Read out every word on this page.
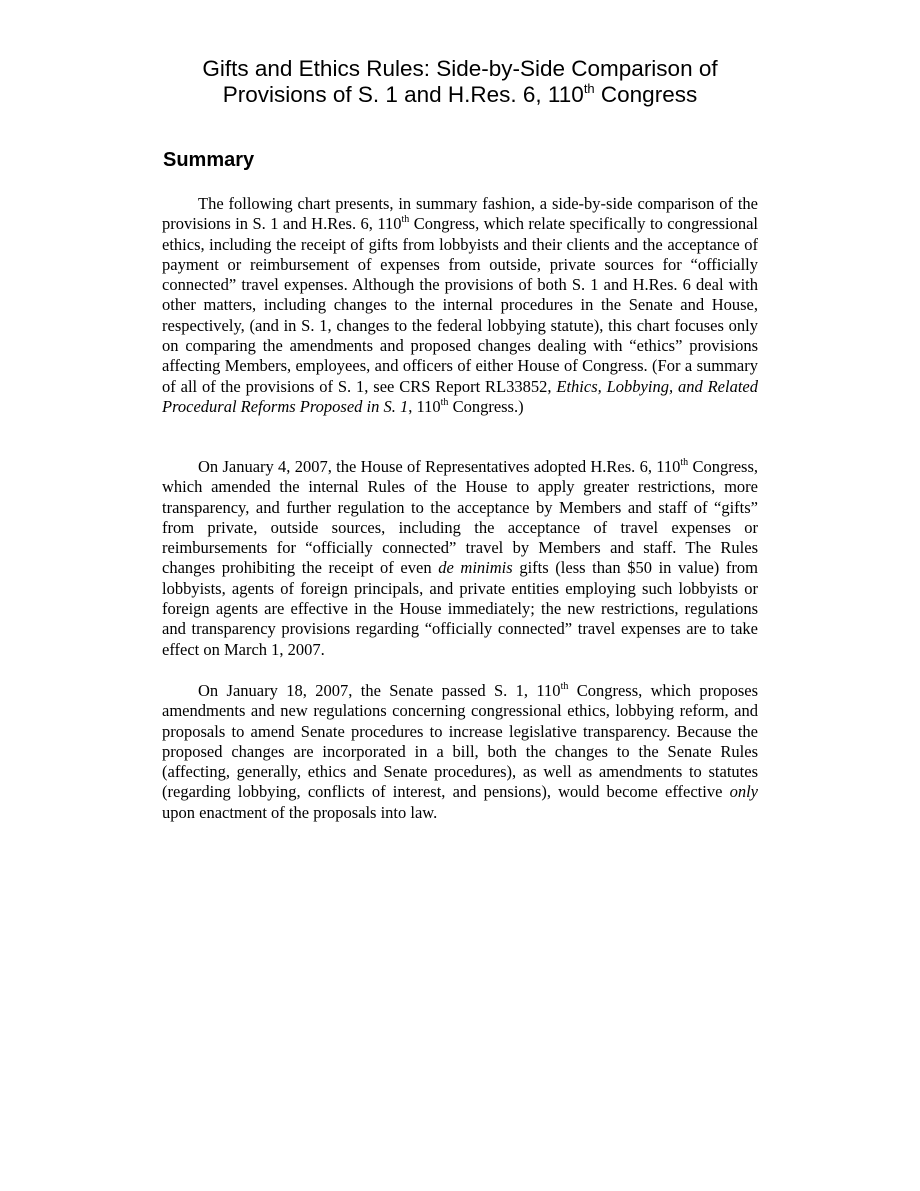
Gifts and Ethics Rules: Side-by-Side Comparison of
Provisions of S. 1 and H.Res. 6, 110th Congress
Summary

The following chart presents, in summary fashion, a side-by-side comparison of the provisions in S. 1 and H.Res. 6, 110th Congress, which relate specifically to congressional ethics, including the receipt of gifts from lobbyists and their clients and the acceptance of payment or reimbursement of expenses from outside, private sources for “officially connected” travel expenses. Although the provisions of both S. 1 and H.Res. 6 deal with other matters, including changes to the internal procedures in the Senate and House, respectively, (and in S. 1, changes to the federal lobbying statute), this chart focuses only on comparing the amendments and proposed changes dealing with “ethics” provisions affecting Members, employees, and officers of either House of Congress. (For a summary of all of the provisions of S. 1, see CRS Report RL33852, Ethics, Lobbying, and Related Procedural Reforms Proposed in S. 1, 110th Congress.)

On January 4, 2007, the House of Representatives adopted H.Res. 6, 110th Congress, which amended the internal Rules of the House to apply greater restrictions, more transparency, and further regulation to the acceptance by Members and staff of “gifts” from private, outside sources, including the acceptance of travel expenses or reimbursements for “officially connected” travel by Members and staff. The Rules changes prohibiting the receipt of even de minimis gifts (less than $50 in value) from lobbyists, agents of foreign principals, and private entities employing such lobbyists or foreign agents are effective in the House immediately; the new restrictions, regulations and transparency provisions regarding “officially connected” travel expenses are to take effect on March 1, 2007.

On January 18, 2007, the Senate passed S. 1, 110th Congress, which proposes amendments and new regulations concerning congressional ethics, lobbying reform, and proposals to amend Senate procedures to increase legislative transparency. Because the proposed changes are incorporated in a bill, both the changes to the Senate Rules (affecting, generally, ethics and Senate procedures), as well as amendments to statutes (regarding lobbying, conflicts of interest, and pensions), would become effective only upon enactment of the proposals into law.
